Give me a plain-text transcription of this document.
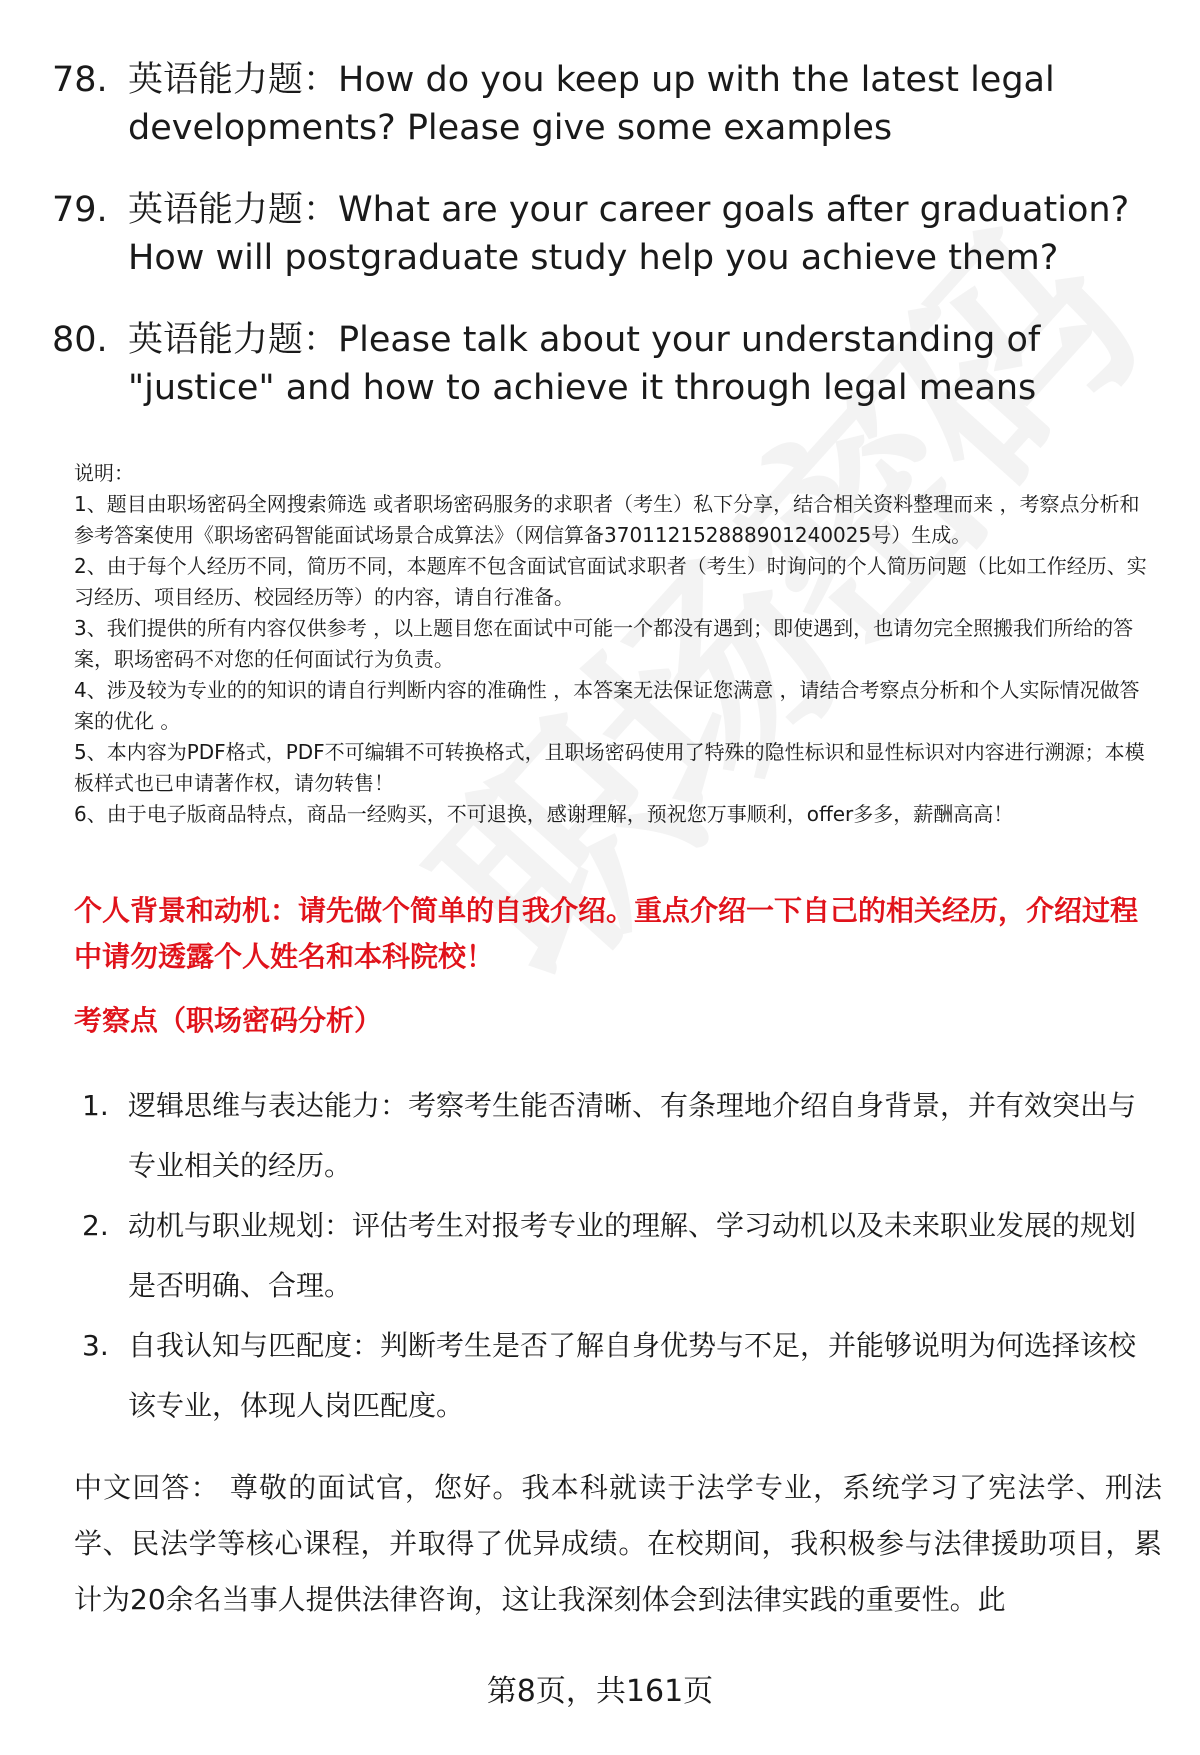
78. 英语能力题：How do you keep up with the latest legal developments? Please give some examples
79. 英语能力题：What are your career goals after graduation? How will postgraduate study help you achieve them?
80. 英语能力题：Please talk about your understanding of "justice" and how to achieve it through legal means

说明：

1、题目由职场密码全网搜索筛选 或者职场密码服务的求职者（考生）私下分享，结合相关资料整理而来 ，考察点分析和参考答案使用《职场密码智能面试场景合成算法》（网信算备370112152888901240025号）生成。

2、由于每个人经历不同，简历不同，本题库不包含面试官面试求职者（考生）时询问的个人简历问题（比如工作经历、实习经历、项目经历、校园经历等）的内容，请自行准备。

3、我们提供的所有内容仅供参考 ，以上题目您在面试中可能一个都没有遇到；即使遇到，也请勿完全照搬我们所给的答案，职场密码不对您的任何面试行为负责。

4、涉及较为专业的的知识的请自行判断内容的准确性 ，本答案无法保证您满意 ，请结合考察点分析和个人实际情况做答案的优化 。

5、本内容为PDF格式，PDF不可编辑不可转换格式，且职场密码使用了特殊的隐性标识和显性标识对内容进行溯源；本模板样式也已申请著作权，请勿转售！

6、由于电子版商品特点，商品一经购买，不可退换，感谢理解，预祝您万事顺利，offer多多，薪酬高高！

个人背景和动机：请先做个简单的自我介绍。重点介绍一下自己的相关经历，介绍过程中请勿透露个人姓名和本科院校！
考察点（职场密码分析）
1. 逻辑思维与表达能力：考察考生能否清晰、有条理地介绍自身背景，并有效突出与专业相关的经历。
2. 动机与职业规划：评估考生对报考专业的理解、学习动机以及未来职业发展的规划是否明确、合理。
3. 自我认知与匹配度：判断考生是否了解自身优势与不足，并能够说明为何选择该校该专业，体现人岗匹配度。
中文回答： 尊敬的面试官，您好。我本科就读于法学专业，系统学习了宪法学、刑法学、民法学等核心课程，并取得了优异成绩。在校期间，我积极参与法律援助项目，累计为20余名当事人提供法律咨询，这让我深刻体会到法律实践的重要性。此
第8页，共161页
